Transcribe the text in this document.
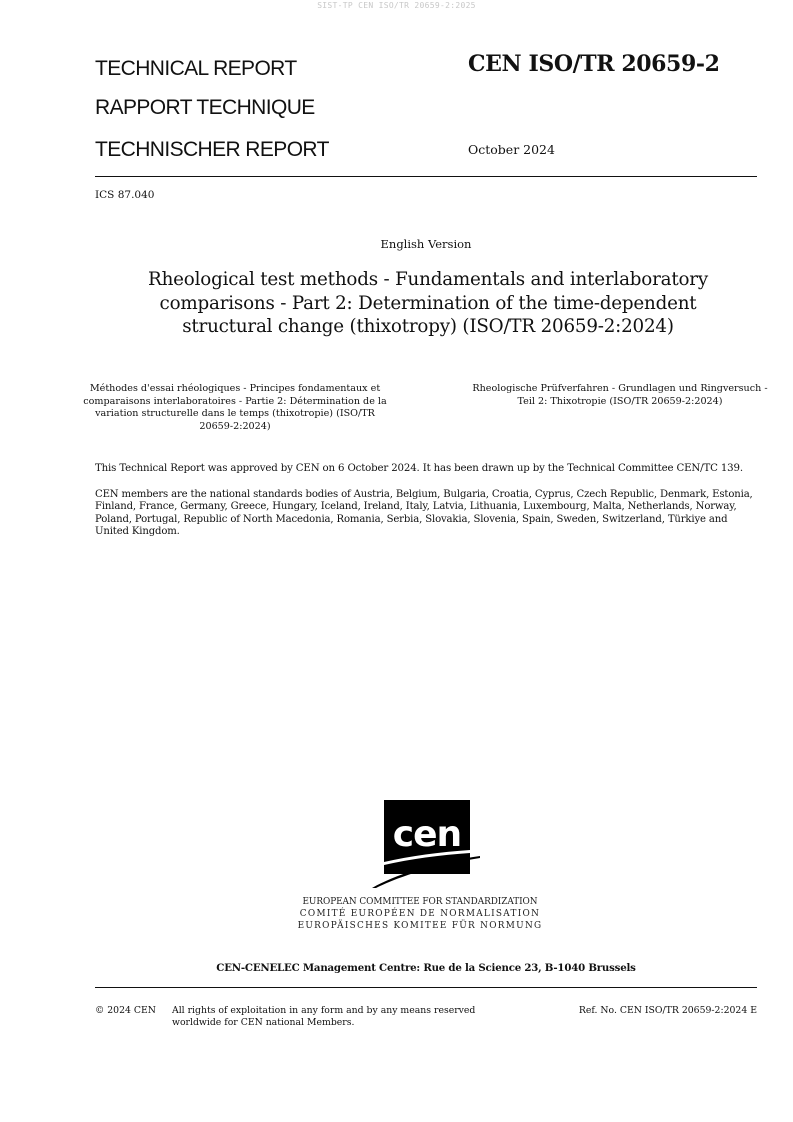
SIST-TP CEN ISO/TR 20659-2:2025
TECHNICAL REPORT
RAPPORT TECHNIQUE
TECHNISCHER REPORT
CEN ISO/TR 20659-2
October 2024
ICS 87.040
English Version
Rheological test methods - Fundamentals and interlaboratory comparisons - Part 2: Determination of the time-dependent structural change (thixotropy) (ISO/TR 20659-2:2024)
Méthodes d'essai rhéologiques - Principes fondamentaux et comparaisons interlaboratoires - Partie 2: Détermination de la variation structurelle dans le temps (thixotropie) (ISO/TR 20659-2:2024)
Rheologische Prüfverfahren - Grundlagen und Ringversuch - Teil 2: Thixotropie (ISO/TR 20659-2:2024)
This Technical Report was approved by CEN on 6 October 2024. It has been drawn up by the Technical Committee CEN/TC 139.
CEN members are the national standards bodies of Austria, Belgium, Bulgaria, Croatia, Cyprus, Czech Republic, Denmark, Estonia, Finland, France, Germany, Greece, Hungary, Iceland, Ireland, Italy, Latvia, Lithuania, Luxembourg, Malta, Netherlands, Norway, Poland, Portugal, Republic of North Macedonia, Romania, Serbia, Slovakia, Slovenia, Spain, Sweden, Switzerland, Türkiye and United Kingdom.
cen
EUROPEAN COMMITTEE FOR STANDARDIZATION
COMITÉ EUROPÉEN DE NORMALISATION
EUROPÄISCHES KOMITEE FÜR NORMUNG
CEN-CENELEC Management Centre: Rue de la Science 23, B-1040 Brussels
© 2024 CEN All rights of exploitation in any form and by any means reserved worldwide for CEN national Members.
Ref. No. CEN ISO/TR 20659-2:2024 E
